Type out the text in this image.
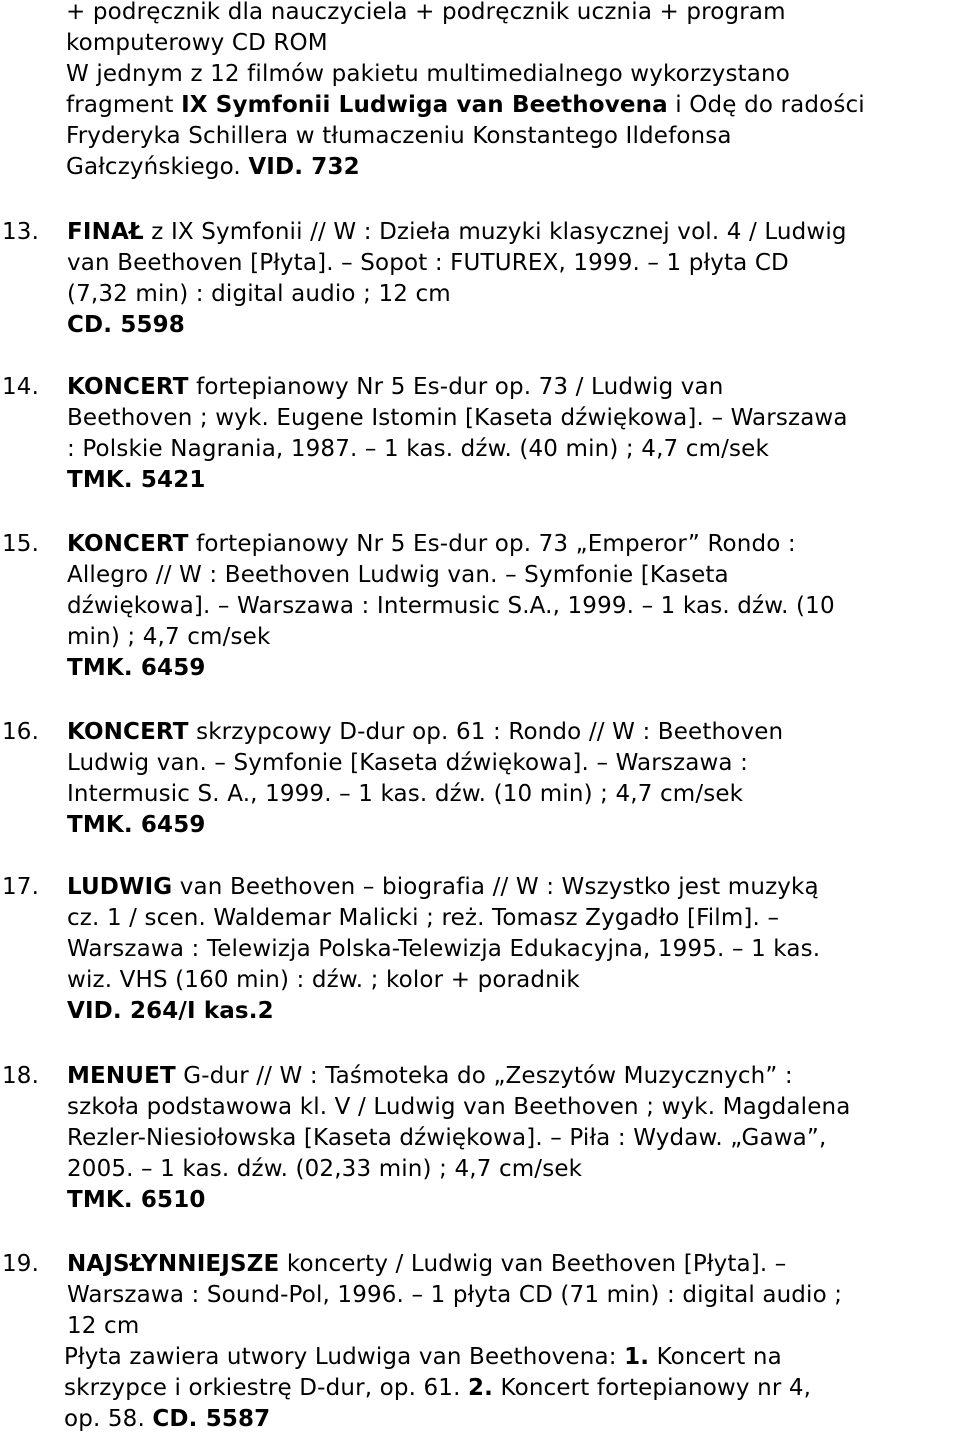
+ podręcznik dla nauczyciela + podręcznik ucznia + program

komputerowy CD ROM

W jednym z 12 filmów pakietu multimedialnego wykorzystano

fragment IX Symfonii Ludwiga van Beethovena i Odę do radości

Fryderyka Schillera w tłumaczeniu Konstantego Ildefonsa

Gałczyńskiego. VID. 732

13. FINAŁ z IX Symfonii // W : Dzieła muzyki klasycznej vol. 4 / Ludwig

van Beethoven [Płyta]. – Sopot : FUTUREX, 1999. – 1 płyta CD

(7,32 min) : digital audio ; 12 cm

CD. 5598

14. KONCERT fortepianowy Nr 5 Es-dur op. 73 / Ludwig van

Beethoven ; wyk. Eugene Istomin [Kaseta dźwiękowa]. – Warszawa

: Polskie Nagrania, 1987. – 1 kas. dźw. (40 min) ; 4,7 cm/sek

TMK. 5421

15. KONCERT fortepianowy Nr 5 Es-dur op. 73 „Emperor” Rondo :

Allegro // W : Beethoven Ludwig van. – Symfonie [Kaseta

dźwiękowa]. – Warszawa : Intermusic S.A., 1999. – 1 kas. dźw. (10

min) ; 4,7 cm/sek

TMK. 6459

16. KONCERT skrzypcowy D-dur op. 61 : Rondo // W : Beethoven

Ludwig van. – Symfonie [Kaseta dźwiękowa]. – Warszawa :

Intermusic S. A., 1999. – 1 kas. dźw. (10 min) ; 4,7 cm/sek

TMK. 6459

17. LUDWIG van Beethoven – biografia // W : Wszystko jest muzyką

cz. 1 / scen. Waldemar Malicki ; reż. Tomasz Zygadło [Film]. –

Warszawa : Telewizja Polska-Telewizja Edukacyjna, 1995. – 1 kas.

wiz. VHS (160 min) : dźw. ; kolor + poradnik

VID. 264/I kas.2

18. MENUET G-dur // W : Taśmoteka do „Zeszytów Muzycznych” :

szkoła podstawowa kl. V / Ludwig van Beethoven ; wyk. Magdalena

Rezler-Niesiołowska [Kaseta dźwiękowa]. – Piła : Wydaw. „Gawa”,

2005. – 1 kas. dźw. (02,33 min) ; 4,7 cm/sek

TMK. 6510

19. NAJSŁYNNIEJSZE koncerty / Ludwig van Beethoven [Płyta]. –

Warszawa : Sound-Pol, 1996. – 1 płyta CD (71 min) : digital audio ;

12 cm

Płyta zawiera utwory Ludwiga van Beethovena: 1. Koncert na

skrzypce i orkiestrę D-dur, op. 61. 2. Koncert fortepianowy nr 4,

op. 58. CD. 5587
